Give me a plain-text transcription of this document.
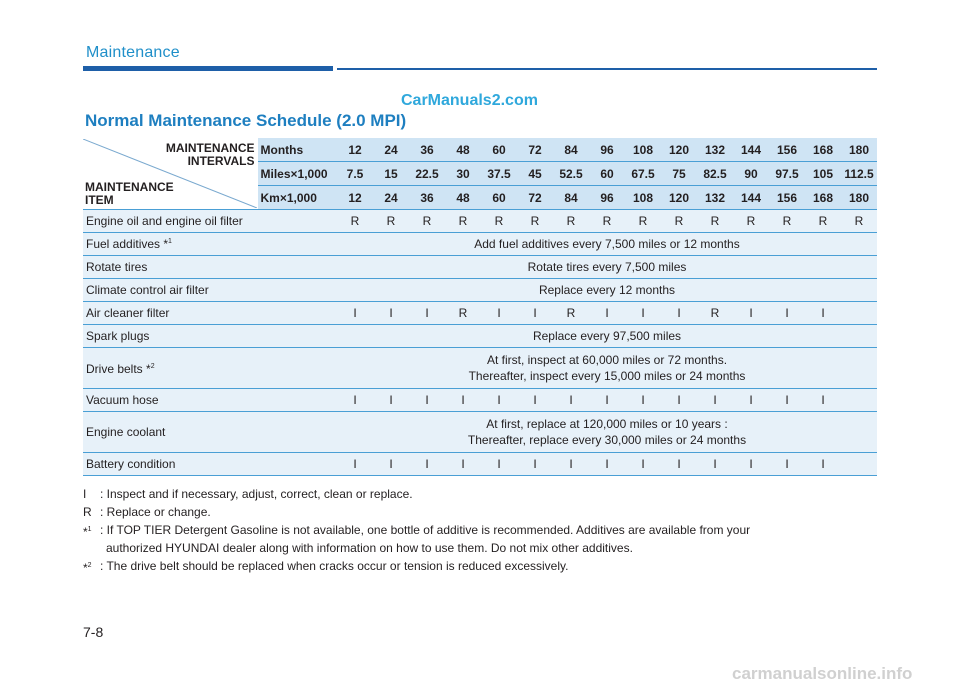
Maintenance
CarManuals2.com
Normal Maintenance Schedule (2.0 MPI)
MAINTENANCE
INTERVALS
MAINTENANCE
ITEM	Months	12	24	36	48	60	72	84	96	108	120	132	144	156	168	180
	Miles×1,000	7.5	15	22.5	30	37.5	45	52.5	60	67.5	75	82.5	90	97.5	105	112.5
	Km×1,000	12	24	36	48	60	72	84	96	108	120	132	144	156	168	180
Engine oil and engine oil filter		R	R	R	R	R	R	R	R	R	R	R	R	R	R	R
Fuel additives *$^1$		Add fuel additives every 7,500 miles or 12 months														
Rotate tires		Rotate tires every 7,500 miles														
Climate control air filter		Replace every 12 months														
Air cleaner filter		I	I	I	R	I	I	R	I	I	I	R	I	I	I	
Spark plugs		Replace every 97,500 miles														
Drive belts *$^2$		At first, inspect at 60,000 miles or 72 months.
Thereafter, inspect every 15,000 miles or 24 months														

Vacuum hose		I	I	I	I	I	I	I	I	I	I	I	I	I	I	
Engine coolant		At first, replace at 120,000 miles or 10 years :
Thereafter, replace every 30,000 miles or 24 months														

Battery condition		I	I	I	I	I	I	I	I	I	I	I	I	I	I	
I : Inspect and if necessary, adjust, correct, clean or replace.
R : Replace or change.
*$^1$ : If TOP TIER Detergent Gasoline is not available, one bottle of additive is recommended. Additives are available from your
authorized HYUNDAI dealer along with information on how to use them. Do not mix other additives.
*$^2$ : The drive belt should be replaced when cracks occur or tension is reduced excessively.
7-8
carmanualsonline.info
